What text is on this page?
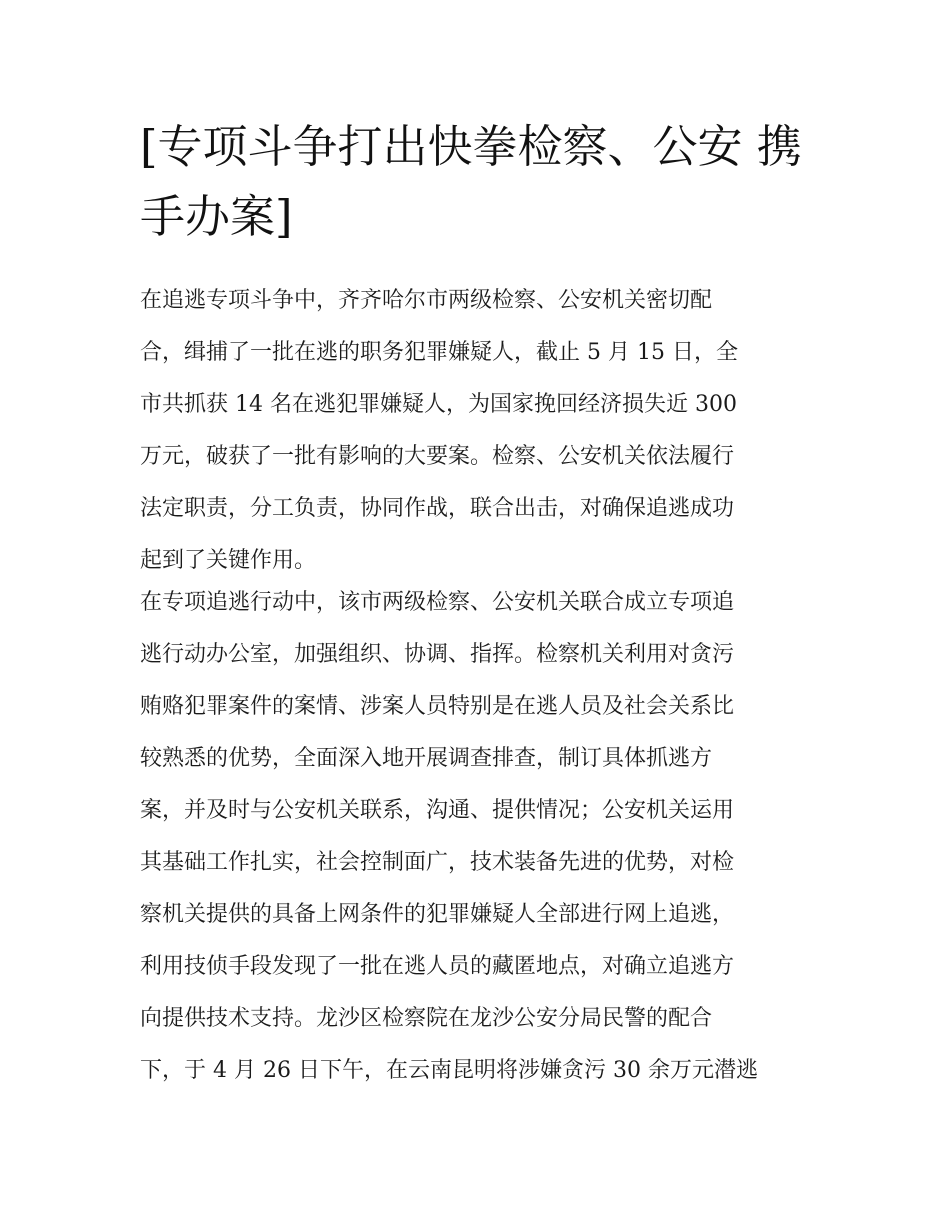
[专项斗争打出快拳检察、公安 携手办案]

在追逃专项斗争中，齐齐哈尔市两级检察、公安机关密切配
合，缉捕了一批在逃的职务犯罪嫌疑人，截止 5 月 15 日，全
市共抓获 14 名在逃犯罪嫌疑人，为国家挽回经济损失近 300
万元，破获了一批有影响的大要案。检察、公安机关依法履行
法定职责，分工负责，协同作战，联合出击，对确保追逃成功
起到了关键作用。

在专项追逃行动中，该市两级检察、公安机关联合成立专项追
逃行动办公室，加强组织、协调、指挥。检察机关利用对贪污
贿赂犯罪案件的案情、涉案人员特别是在逃人员及社会关系比
较熟悉的优势，全面深入地开展调查排查，制订具体抓逃方
案，并及时与公安机关联系，沟通、提供情况；公安机关运用
其基础工作扎实，社会控制面广，技术装备先进的优势，对检
察机关提供的具备上网条件的犯罪嫌疑人全部进行网上追逃，
利用技侦手段发现了一批在逃人员的藏匿地点，对确立追逃方
向提供技术支持。龙沙区检察院在龙沙公安分局民警的配合
下，于 4 月 26 日下午，在云南昆明将涉嫌贪污 30 余万元潜逃
